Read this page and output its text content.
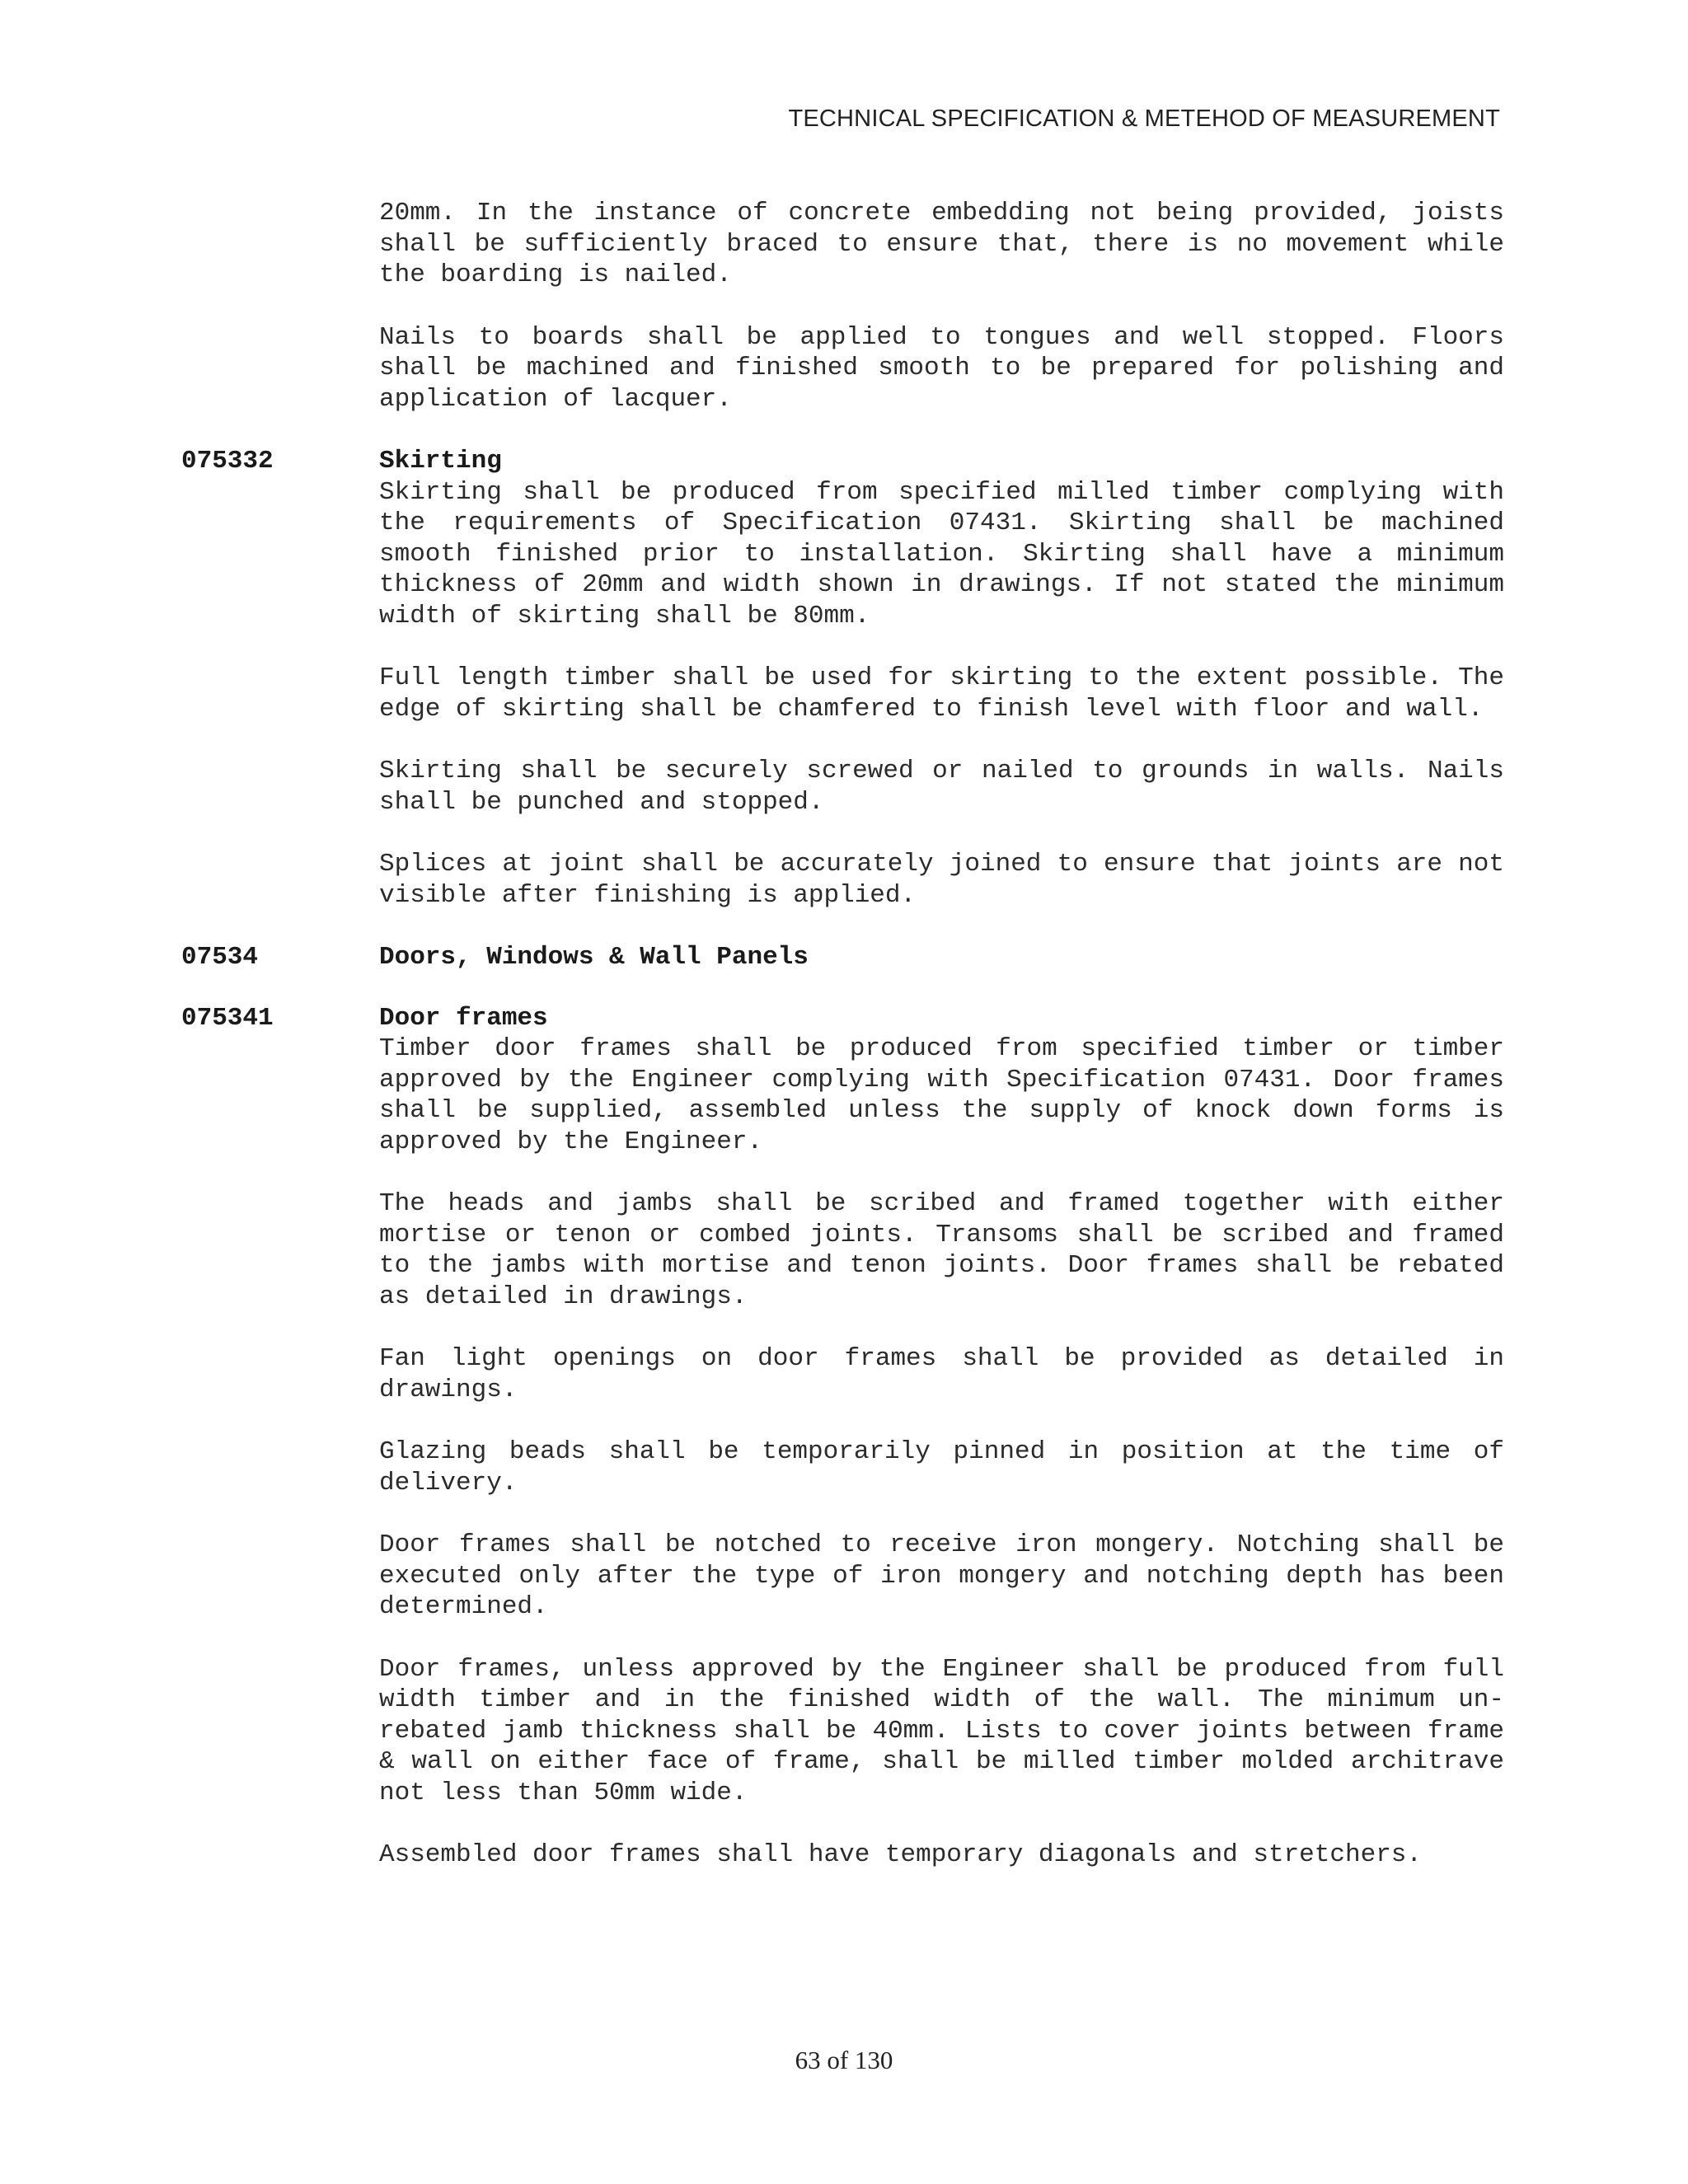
TECHNICAL SPECIFICATION & METEHOD OF MEASUREMENT

20mm. In the instance of concrete embedding not being provided, joists shall be sufficiently braced to ensure that, there is no movement while the boarding is nailed.

Nails to boards shall be applied to tongues and well stopped. Floors shall be machined and finished smooth to be prepared for polishing and application of lacquer.

075332	Skirting

Skirting shall be produced from specified milled timber complying with the requirements of Specification 07431. Skirting shall be machined smooth finished prior to installation. Skirting shall have a minimum thickness of 20mm and width shown in drawings. If not stated the minimum width of skirting shall be 80mm.

Full length timber shall be used for skirting to the extent possible. The edge of skirting shall be chamfered to finish level with floor and wall.

Skirting shall be securely screwed or nailed to grounds in walls. Nails shall be punched and stopped.

Splices at joint shall be accurately joined to ensure that joints are not visible after finishing is applied.

07534	Doors, Windows & Wall Panels
075341	Door frames

Timber door frames shall be produced from specified timber or timber approved by the Engineer complying with Specification 07431. Door frames shall be supplied, assembled unless the supply of knock down forms is approved by the Engineer.

The heads and jambs shall be scribed and framed together with either mortise or tenon or combed joints. Transoms shall be scribed and framed to the jambs with mortise and tenon joints. Door frames shall be rebated as detailed in drawings.

Fan light openings on door frames shall be provided as detailed in drawings.

Glazing beads shall be temporarily pinned in position at the time of delivery.

Door frames shall be notched to receive iron mongery. Notching shall be executed only after the type of iron mongery and notching depth has been determined.

Door frames, unless approved by the Engineer shall be produced from full width timber and in the finished width of the wall. The minimum un-rebated jamb thickness shall be 40mm. Lists to cover joints between frame & wall on either face of frame, shall be milled timber molded architrave not less than 50mm wide.

Assembled door frames shall have temporary diagonals and stretchers.

63 of 130
